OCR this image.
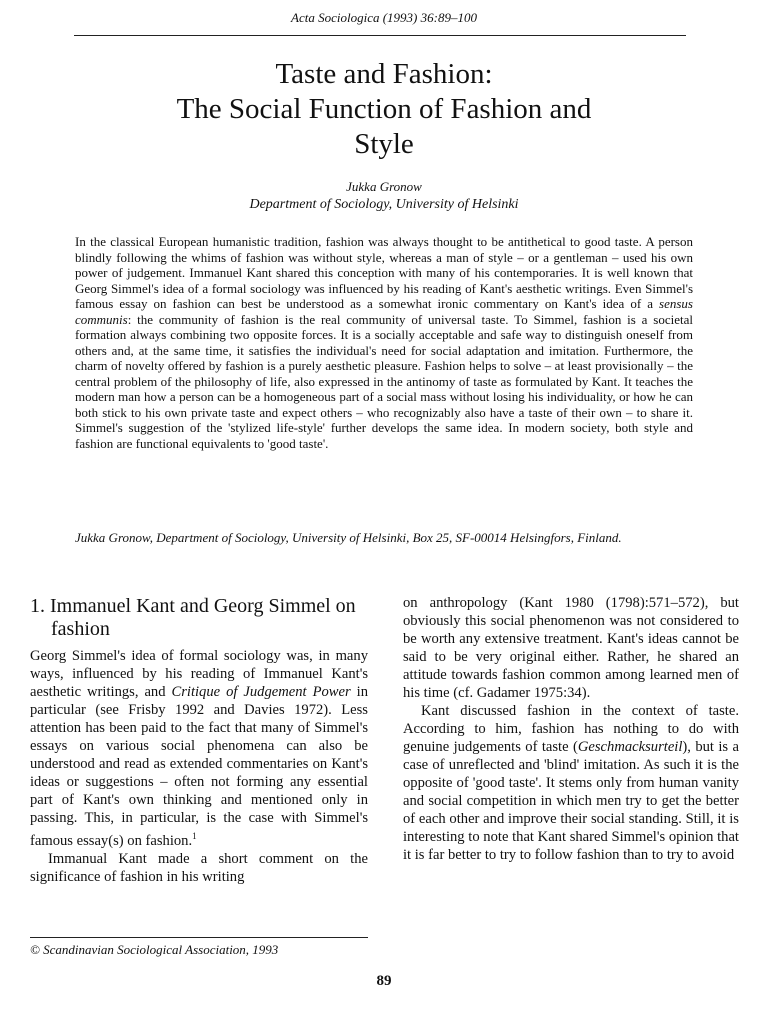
Acta Sociologica (1993) 36:89–100
Taste and Fashion:
The Social Function of Fashion and
Style
Jukka Gronow
Department of Sociology, University of Helsinki

In the classical European humanistic tradition, fashion was always thought to be antithetical to good taste. A person blindly following the whims of fashion was without style, whereas a man of style – or a gentleman – used his own power of judgement. Immanuel Kant shared this conception with many of his contemporaries. It is well known that Georg Simmel's idea of a formal sociology was influenced by his reading of Kant's aesthetic writings. Even Simmel's famous essay on fashion can best be understood as a somewhat ironic commentary on Kant's idea of a sensus communis: the community of fashion is the real community of universal taste. To Simmel, fashion is a societal formation always combining two opposite forces. It is a socially acceptable and safe way to distinguish oneself from others and, at the same time, it satisfies the individual's need for social adaptation and imitation. Furthermore, the charm of novelty offered by fashion is a purely aesthetic pleasure. Fashion helps to solve – at least provisionally – the central problem of the philosophy of life, also expressed in the antinomy of taste as formulated by Kant. It teaches the modern man how a person can be a homogeneous part of a social mass without losing his individuality, or how he can both stick to his own private taste and expect others – who recognizably also have a taste of their own – to share it. Simmel's suggestion of the 'stylized life-style' further develops the same idea. In modern society, both style and fashion are functional equivalents to 'good taste'.

Jukka Gronow, Department of Sociology, University of Helsinki, Box 25, SF-00014 Helsingfors, Finland.

1. Immanuel Kant and Georg Simmel on fashion

Georg Simmel's idea of formal sociology was, in many ways, influenced by his reading of Immanuel Kant's aesthetic writings, and Critique of Judgement Power in particular (see Frisby 1992 and Davies 1972). Less attention has been paid to the fact that many of Simmel's essays on various social phenomena can also be understood and read as extended commentaries on Kant's ideas or suggestions – often not forming any essential part of Kant's own thinking and mentioned only in passing. This, in particular, is the case with Simmel's famous essay(s) on fashion.$^1$

Immanual Kant made a short comment on the significance of fashion in his writing

© Scandinavian Sociological Association, 1993

on anthropology (Kant 1980 (1798):571–572), but obviously this social phenomenon was not considered to be worth any extensive treatment. Kant's ideas cannot be said to be very original either. Rather, he shared an attitude towards fashion common among learned men of his time (cf. Gadamer 1975:34).

Kant discussed fashion in the context of taste. According to him, fashion has nothing to do with genuine judgements of taste (Geschmacksurteil), but is a case of unreflected and 'blind' imitation. As such it is the opposite of 'good taste'. It stems only from human vanity and social competition in which men try to get the better of each other and improve their social standing. Still, it is interesting to note that Kant shared Simmel's opinion that it is far better to try to follow fashion than to try to avoid

89
